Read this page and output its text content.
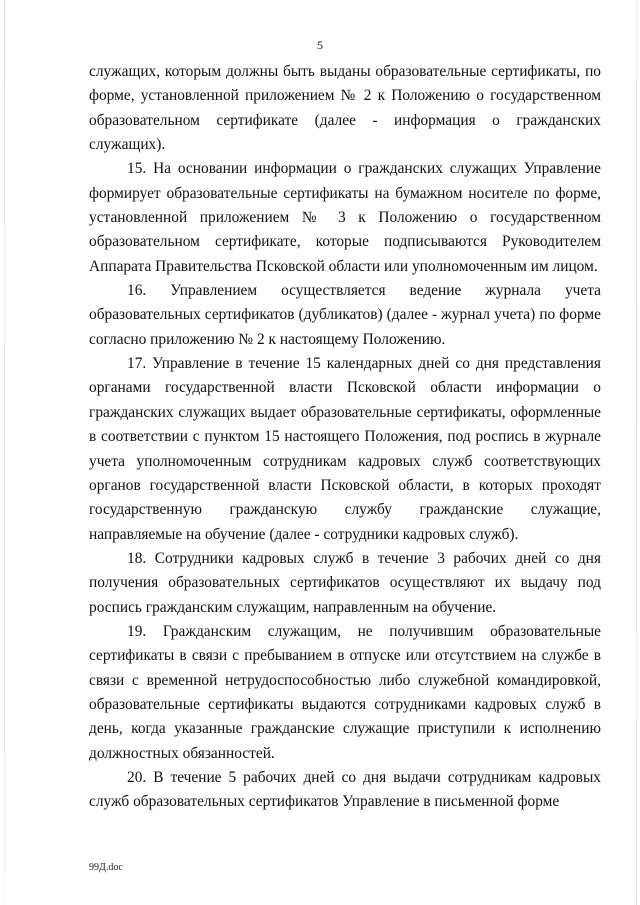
5

служащих, которым должны быть выданы образовательные сертификаты, по форме, установленной приложением № 2 к Положению о государственном образовательном сертификате (далее - информация о гражданских служащих).

15. На основании информации о гражданских служащих Управление формирует образовательные сертификаты на бумажном носителе по форме, установленной приложением № 3 к Положению о государственном образовательном сертификате, которые подписываются Руководителем Аппарата Правительства Псковской области или уполномоченным им лицом.

16. Управлением осуществляется ведение журнала учета образовательных сертификатов (дубликатов) (далее - журнал учета) по форме согласно приложению № 2 к настоящему Положению.

17. Управление в течение 15 календарных дней со дня представления органами государственной власти Псковской области информации о гражданских служащих выдает образовательные сертификаты, оформленные в соответствии с пунктом 15 настоящего Положения, под роспись в журнале учета уполномоченным сотрудникам кадровых служб соответствующих органов государственной власти Псковской области, в которых проходят государственную гражданскую службу гражданские служащие, направляемые на обучение (далее - сотрудники кадровых служб).

18. Сотрудники кадровых служб в течение 3 рабочих дней со дня получения образовательных сертификатов осуществляют их выдачу под роспись гражданским служащим, направленным на обучение.

19. Гражданским служащим, не получившим образовательные сертификаты в связи с пребыванием в отпуске или отсутствием на службе в связи с временной нетрудоспособностью либо служебной командировкой, образовательные сертификаты выдаются сотрудниками кадровых служб в день, когда указанные гражданские служащие приступили к исполнению должностных обязанностей.

20. В течение 5 рабочих дней со дня выдачи сотрудникам кадровых служб образовательных сертификатов Управление в письменной форме

99Д.doc
